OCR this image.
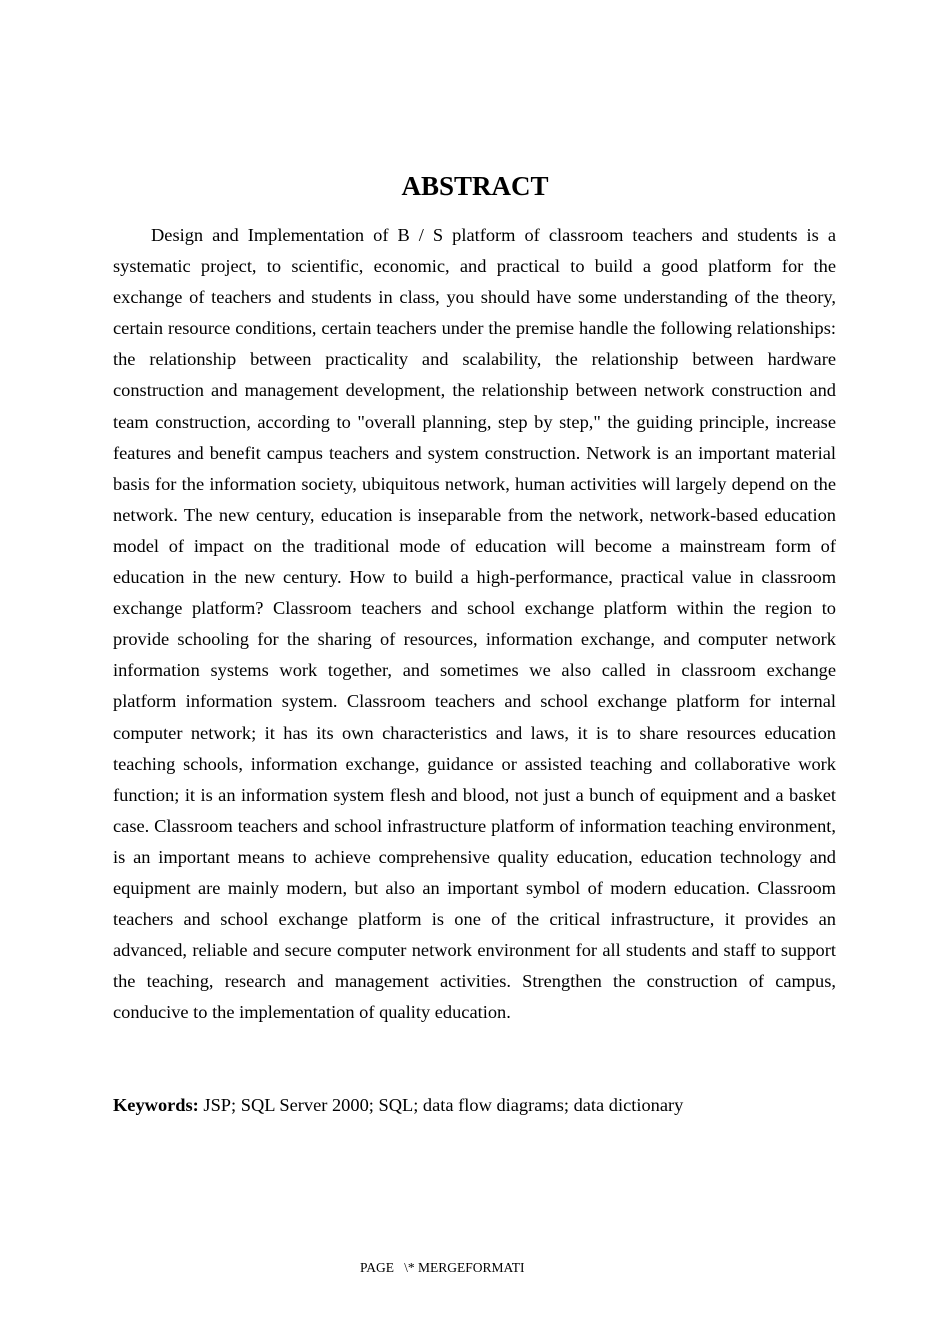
ABSTRACT

Design and Implementation of B / S platform of classroom teachers and students is a systematic project, to scientific, economic, and practical to build a good platform for the exchange of teachers and students in class, you should have some understanding of the theory, certain resource conditions, certain teachers under the premise handle the following relationships: the relationship between practicality and scalability, the relationship between hardware construction and management development, the relationship between network construction and team construction, according to "overall planning, step by step," the guiding principle, increase features and benefit campus teachers and system construction. Network is an important material basis for the information society, ubiquitous network, human activities will largely depend on the network. The new century, education is inseparable from the network, network-based education model of impact on the traditional mode of education will become a mainstream form of education in the new century. How to build a high-performance, practical value in classroom exchange platform? Classroom teachers and school exchange platform within the region to provide schooling for the sharing of resources, information exchange, and computer network information systems work together, and sometimes we also called in classroom exchange platform information system. Classroom teachers and school exchange platform for internal computer network; it has its own characteristics and laws, it is to share resources education teaching schools, information exchange, guidance or assisted teaching and collaborative work function; it is an information system flesh and blood, not just a bunch of equipment and a basket case. Classroom teachers and school infrastructure platform of information teaching environment, is an important means to achieve comprehensive quality education, education technology and equipment are mainly modern, but also an important symbol of modern education. Classroom teachers and school exchange platform is one of the critical infrastructure, it provides an advanced, reliable and secure computer network environment for all students and staff to support the teaching, research and management activities. Strengthen the construction of campus, conducive to the implementation of quality education.

Keywords: JSP; SQL Server 2000; SQL; data flow diagrams; data dictionary

PAGE   \* MERGEFORMATI
